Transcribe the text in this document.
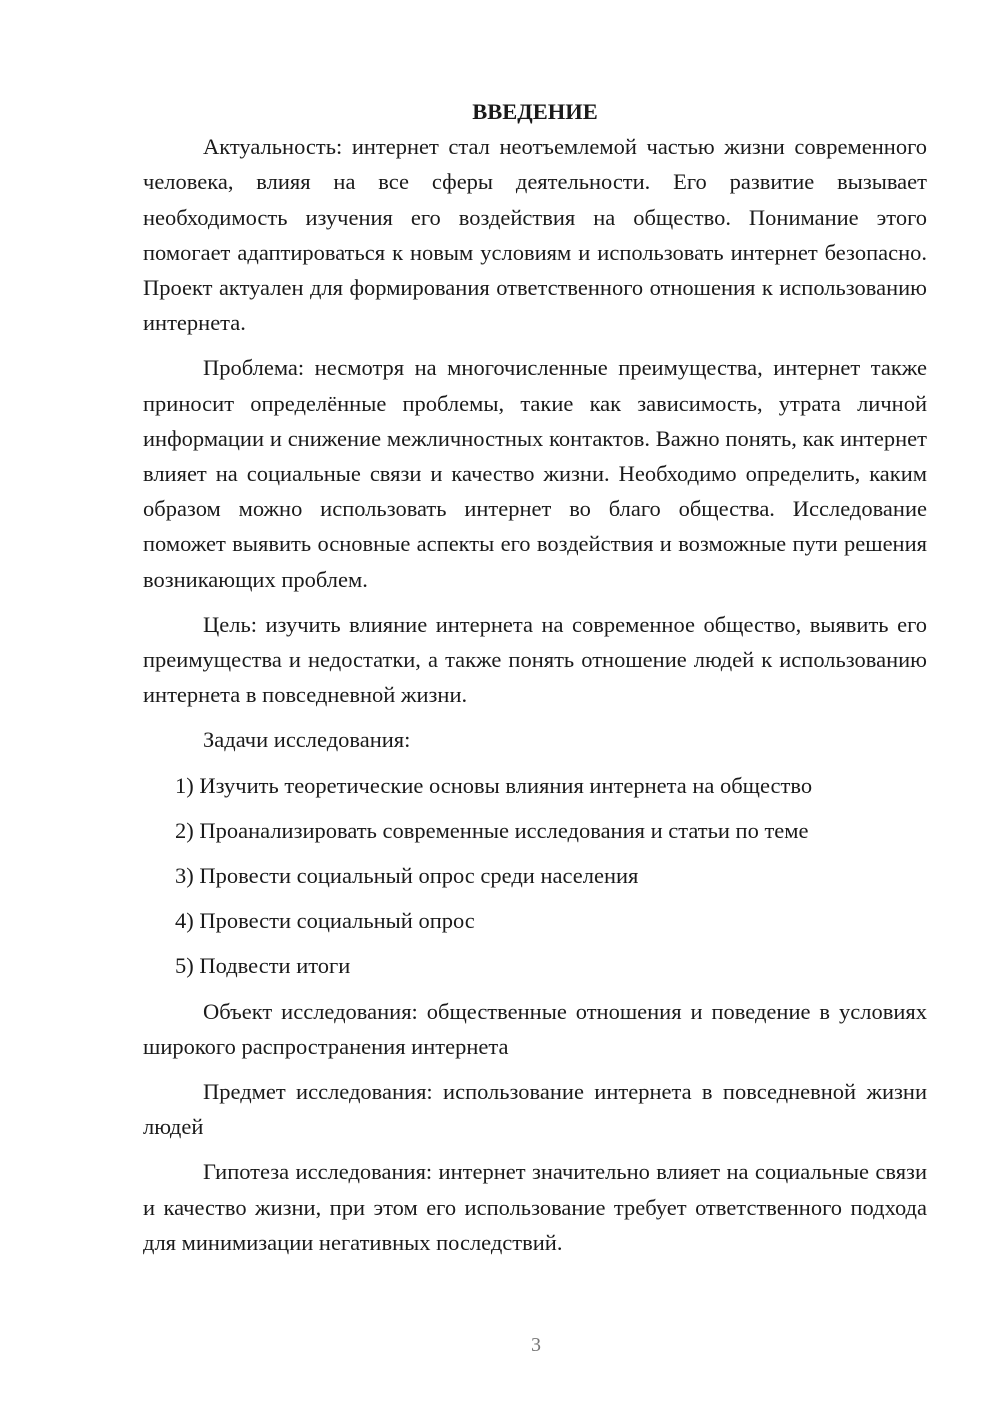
ВВЕДЕНИЕ

Актуальность: интернет стал неотъемлемой частью жизни современного человека, влияя на все сферы деятельности. Его развитие вызывает необходимость изучения его воздействия на общество. Понимание этого помогает адаптироваться к новым условиям и использовать интернет безопасно. Проект актуален для формирования ответственного отношения к использованию интернета.

Проблема: несмотря на многочисленные преимущества, интернет также приносит определённые проблемы, такие как зависимость, утрата личной информации и снижение межличностных контактов. Важно понять, как интернет влияет на социальные связи и качество жизни. Необходимо определить, каким образом можно использовать интернет во благо общества. Исследование поможет выявить основные аспекты его воздействия и возможные пути решения возникающих проблем.

Цель: изучить влияние интернета на современное общество, выявить его преимущества и недостатки, а также понять отношение людей к использованию интернета в повседневной жизни.

Задачи исследования:

1) Изучить теоретические основы влияния интернета на общество
2) Проанализировать современные исследования и статьи по теме
3) Провести социальный опрос среди населения
4) Провести социальный опрос
5) Подвести итоги

Объект исследования: общественные отношения и поведение в условиях широкого распространения интернета

Предмет исследования: использование интернета в повседневной жизни людей

Гипотеза исследования: интернет значительно влияет на социальные связи и качество жизни, при этом его использование требует ответственного подхода для минимизации негативных последствий.

3
